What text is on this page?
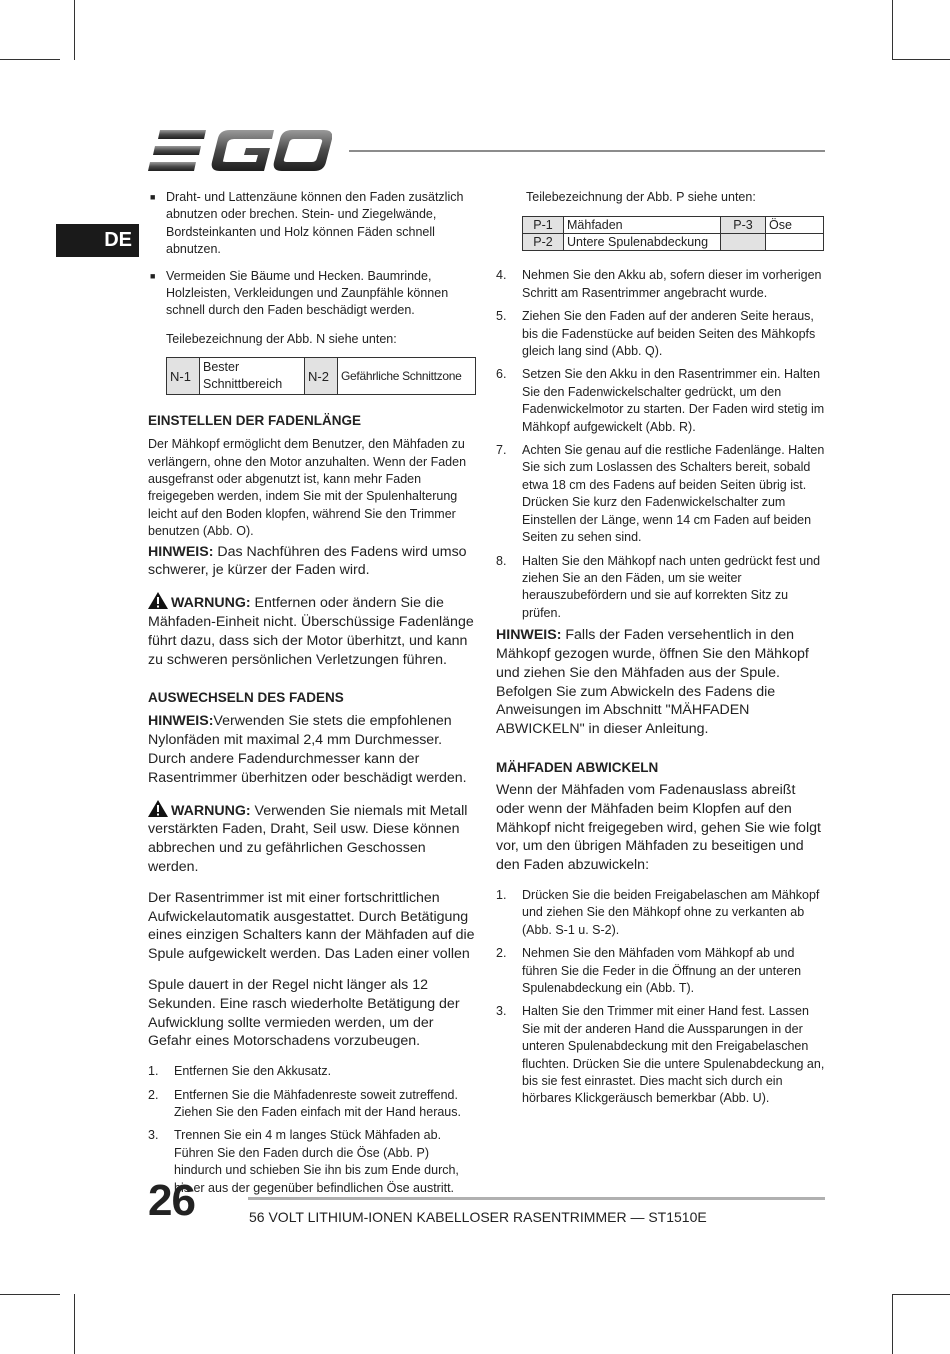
DE

■ Draht- und Lattenzäune können den Faden zusätzlich abnutzen oder brechen. Stein- und Ziegelwände, Bordsteinkanten und Holz können Fäden schnell abnutzen.

■ Vermeiden Sie Bäume und Hecken. Baumrinde, Holzleisten, Verkleidungen und Zaunpfähle können schnell durch den Faden beschädigt werden.

Teilebezeichnung der Abb. N siehe unten:

N-1	Bester Schnittbereich	N-2	Gefährliche Schnittzone

EINSTELLEN DER FADENLÄNGE

Der Mähkopf ermöglicht dem Benutzer, den Mähfaden zu verlängern, ohne den Motor anzuhalten. Wenn der Faden ausgefranst oder abgenutzt ist, kann mehr Faden freigegeben werden, indem Sie mit der Spulenhalterung leicht auf den Boden klopfen, während Sie den Trimmer benutzen (Abb. O).

HINWEIS: Das Nachführen des Fadens wird umso schwerer, je kürzer der Faden wird.

WARNUNG: Entfernen oder ändern Sie die Mähfaden-Einheit nicht. Überschüssige Fadenlänge führt dazu, dass sich der Motor überhitzt, und kann zu schweren persönlichen Verletzungen führen.

AUSWECHSELN DES FADENS

HINWEIS:Verwenden Sie stets die empfohlenen Nylonfäden mit maximal 2,4 mm Durchmesser. Durch andere Fadendurchmesser kann der Rasentrimmer überhitzen oder beschädigt werden.

WARNUNG: Verwenden Sie niemals mit Metall verstärkten Faden, Draht, Seil usw. Diese können abbrechen und zu gefährlichen Geschossen werden.

Der Rasentrimmer ist mit einer fortschrittlichen Aufwickelautomatik ausgestattet. Durch Betätigung eines einzigen Schalters kann der Mähfaden auf die Spule aufgewickelt werden. Das Laden einer vollen

Spule dauert in der Regel nicht länger als 12 Sekunden. Eine rasch wiederholte Betätigung der Aufwicklung sollte vermieden werden, um der Gefahr eines Motorschadens vorzubeugen.

1. Entfernen Sie den Akkusatz.
2. Entfernen Sie die Mähfadenreste soweit zutreffend. Ziehen Sie den Faden einfach mit der Hand heraus.
3. Trennen Sie ein 4 m langes Stück Mähfaden ab. Führen Sie den Faden durch die Öse (Abb. P) hindurch und schieben Sie ihn bis zum Ende durch, bis er aus der gegenüber befindlichen Öse austritt.

Teilebezeichnung der Abb. P siehe unten:

P-1	Mähfaden	P-3	Öse
P-2	Untere Spulenabdeckung		
4. Nehmen Sie den Akku ab, sofern dieser im vorherigen Schritt am Rasentrimmer angebracht wurde.
5. Ziehen Sie den Faden auf der anderen Seite heraus, bis die Fadenstücke auf beiden Seiten des Mähkopfs gleich lang sind (Abb. Q).
6. Setzen Sie den Akku in den Rasentrimmer ein. Halten Sie den Fadenwickelschalter gedrückt, um den Fadenwickelmotor zu starten. Der Faden wird stetig im Mähkopf aufgewickelt (Abb. R).
7. Achten Sie genau auf die restliche Fadenlänge. Halten Sie sich zum Loslassen des Schalters bereit, sobald etwa 18 cm des Fadens auf beiden Seiten übrig ist. Drücken Sie kurz den Fadenwickelschalter zum Einstellen der Länge, wenn 14 cm Faden auf beiden Seiten zu sehen sind.
8. Halten Sie den Mähkopf nach unten gedrückt fest und ziehen Sie an den Fäden, um sie weiter herauszubefördern und sie auf korrekten Sitz zu prüfen.

HINWEIS: Falls der Faden versehentlich in den Mähkopf gezogen wurde, öffnen Sie den Mähkopf und ziehen Sie den Mähfaden aus der Spule. Befolgen Sie zum Abwickeln des Fadens die Anweisungen im Abschnitt "MÄHFADEN ABWICKELN" in dieser Anleitung.

MÄHFADEN ABWICKELN

Wenn der Mähfaden vom Fadenauslass abreißt oder wenn der Mähfaden beim Klopfen auf den Mähkopf nicht freigegeben wird, gehen Sie wie folgt vor, um den übrigen Mähfaden zu beseitigen und den Faden abzuwickeln:

1. Drücken Sie die beiden Freigabelaschen am Mähkopf und ziehen Sie den Mähkopf ohne zu verkanten ab (Abb. S-1 u. S-2).
2. Nehmen Sie den Mähfaden vom Mähkopf ab und führen Sie die Feder in die Öffnung an der unteren Spulenabdeckung ein (Abb. T).
3. Halten Sie den Trimmer mit einer Hand fest. Lassen Sie mit der anderen Hand die Aussparungen in der unteren Spulenabdeckung mit den Freigabelaschen fluchten. Drücken Sie die untere Spulenabdeckung an, bis sie fest einrastet. Dies macht sich durch ein hörbares Klickgeräusch bemerkbar (Abb. U).
26	56 VOLT LITHIUM-IONEN KABELLOSER RASENTRIMMER — ST1510E
